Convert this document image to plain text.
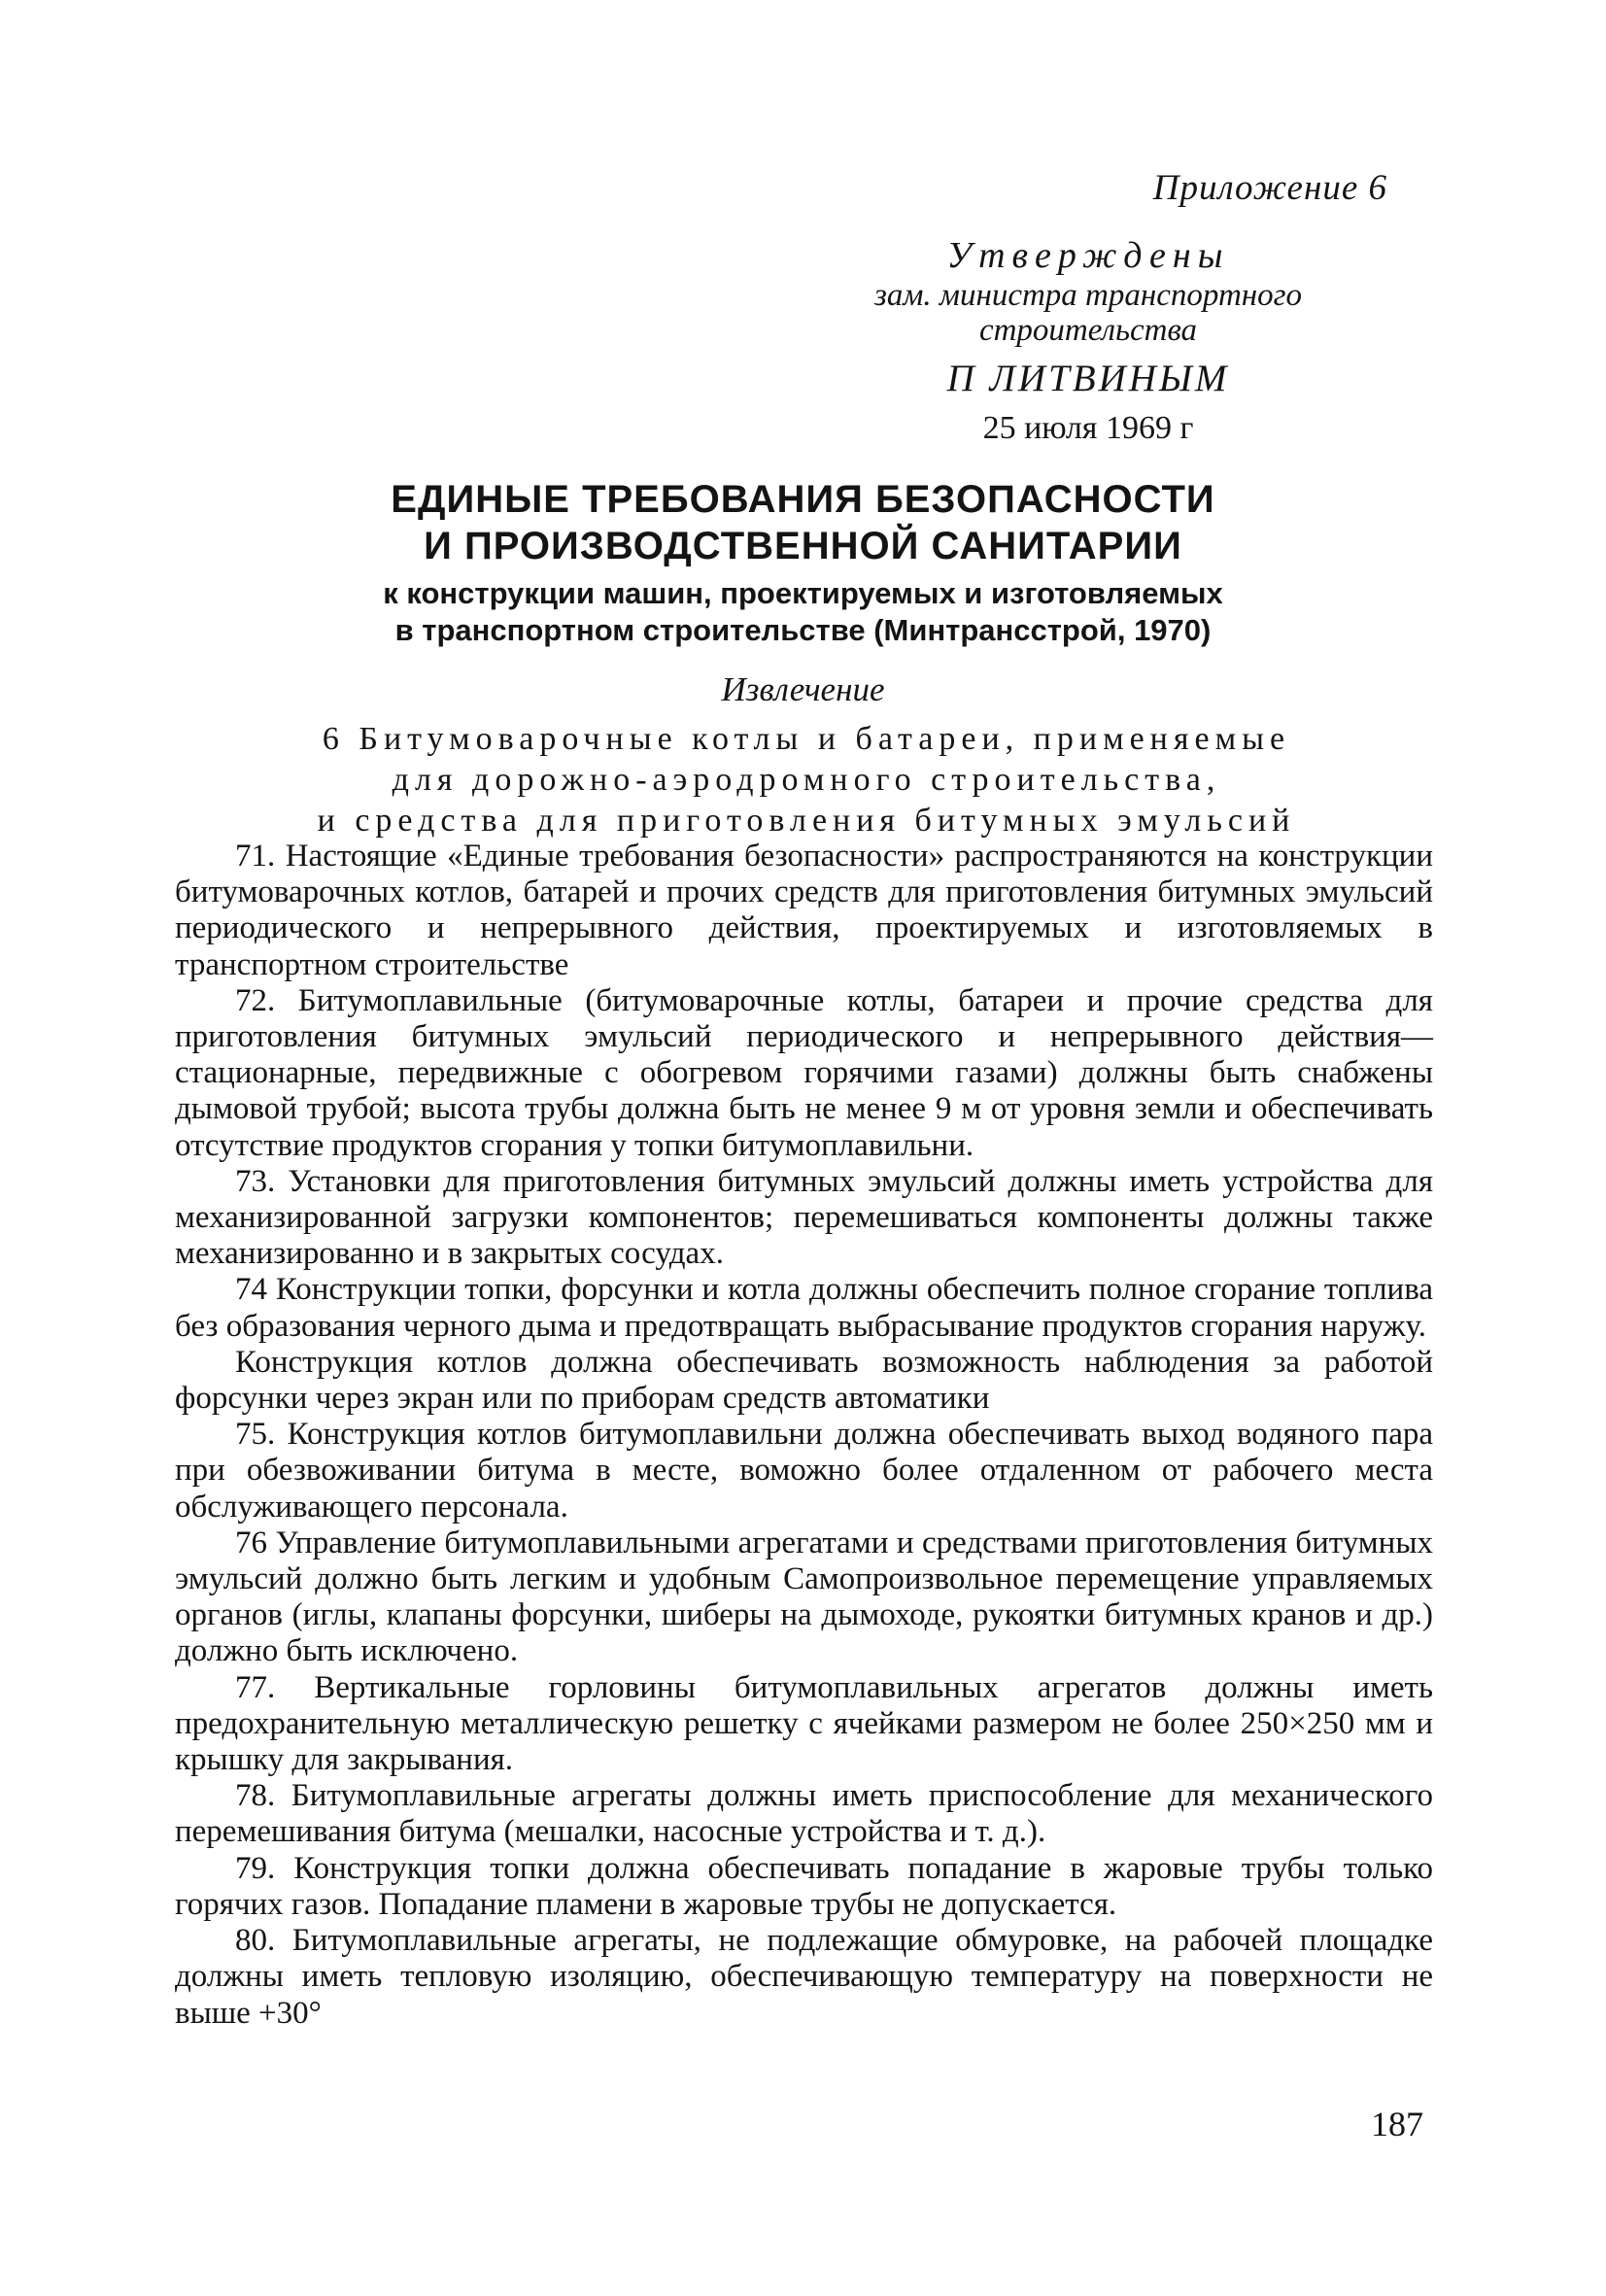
Приложение 6
Утверждены
зам. министра транспортного
строительства
П ЛИТВИНЫМ
25 июля 1969 г
ЕДИНЫЕ ТРЕБОВАНИЯ БЕЗОПАСНОСТИ
И ПРОИЗВОДСТВЕННОЙ САНИТАРИИ
к конструкции машин, проектируемых и изготовляемых
в транспортном строительстве (Минтрансстрой, 1970)
Извлечение
6 Битумоварочные котлы и батареи, применяемые
для дорожно-аэродромного строительства,
и средства для приготовления битумных эмульсий

71. Настоящие «Единые требования безопасности» распространяются на конструкции битумоварочных котлов, батарей и прочих средств для приготовления битумных эмульсий периодического и непрерывного действия, проектируемых и изготовляемых в транспортном строительстве

72. Битумоплавильные (битумоварочные котлы, батареи и прочие средства для приготовления битумных эмульсий периодического и непрерывного действия—стационарные, передвижные с обогревом горячими газами) должны быть снабжены дымовой трубой; высота трубы должна быть не менее 9 м от уровня земли и обеспечивать отсутствие продуктов сгорания у топки битумоплавильни.

73. Установки для приготовления битумных эмульсий должны иметь устройства для механизированной загрузки компонентов; перемешиваться компоненты должны также механизированно и в закрытых сосудах.

74 Конструкции топки, форсунки и котла должны обеспечить полное сгорание топлива без образования черного дыма и предотвращать выбрасывание продуктов сгорания наружу.

Конструкция котлов должна обеспечивать возможность наблюдения за работой форсунки через экран или по приборам средств автоматики

75. Конструкция котлов битумоплавильни должна обеспечивать выход водяного пара при обезвоживании битума в месте, воможно более отдаленном от рабочего места обслуживающего персонала.

76 Управление битумоплавильными агрегатами и средствами приготовления битумных эмульсий должно быть легким и удобным Самопроизвольное перемещение управляемых органов (иглы, клапаны форсунки, шиберы на дымоходе, рукоятки битумных кранов и др.) должно быть исключено.

77. Вертикальные горловины битумоплавильных агрегатов должны иметь предохранительную металлическую решетку с ячейками размером не более 250×250 мм и крышку для закрывания.

78. Битумоплавильные агрегаты должны иметь приспособление для механического перемешивания битума (мешалки, насосные устройства и т. д.).

79. Конструкция топки должна обеспечивать попадание в жаровые трубы только горячих газов. Попадание пламени в жаровые трубы не допускается.

80. Битумоплавильные агрегаты, не подлежащие обмуровке, на рабочей площадке должны иметь тепловую изоляцию, обеспечивающую температуру на поверхности не выше +30°

187
